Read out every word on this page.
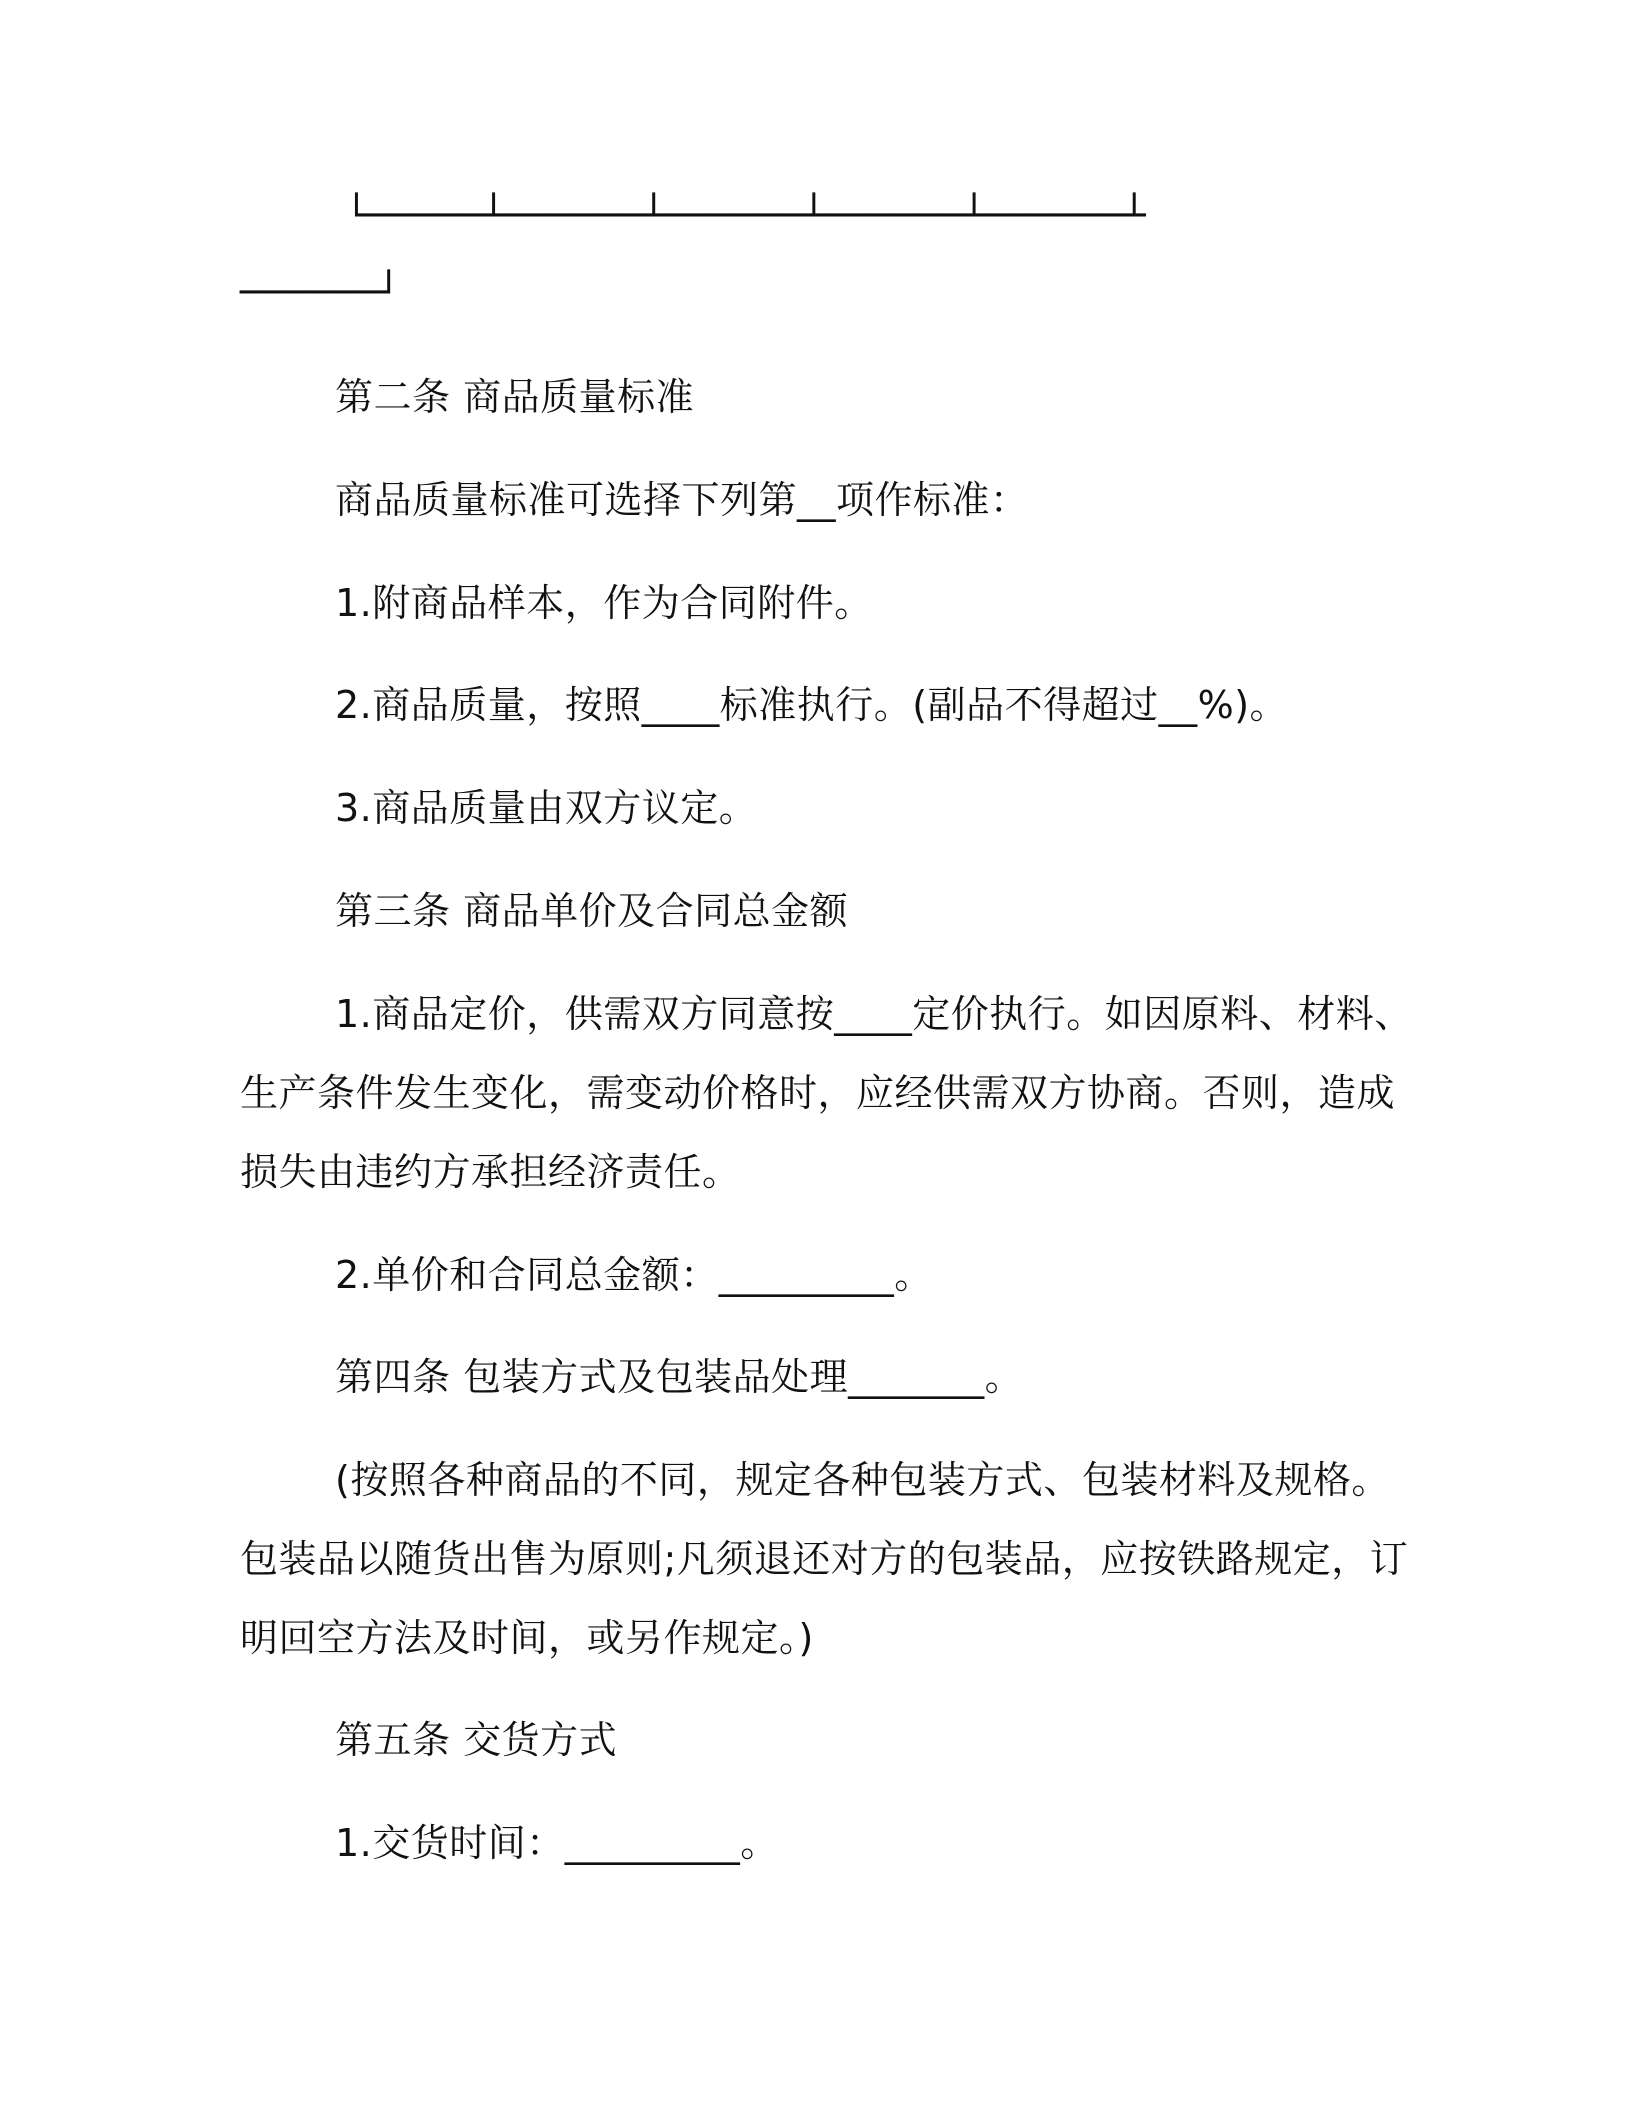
└─────┴──────┴──────┴──────┴──────┴
──────┘
第二条 商品质量标准
商品质量标准可选择下列第__项作标准：
1.附商品样本，作为合同附件。
2.商品质量，按照____标准执行。(副品不得超过__%)。
3.商品质量由双方议定。
第三条 商品单价及合同总金额
1.商品定价，供需双方同意按____定价执行。如因原料、材料、
生产条件发生变化，需变动价格时，应经供需双方协商。否则，造成
损失由违约方承担经济责任。
2.单价和合同总金额：_________。
第四条 包装方式及包装品处理_______。
(按照各种商品的不同，规定各种包装方式、包装材料及规格。
包装品以随货出售为原则;凡须退还对方的包装品，应按铁路规定，订
明回空方法及时间，或另作规定。)
第五条 交货方式
1.交货时间：_________。
